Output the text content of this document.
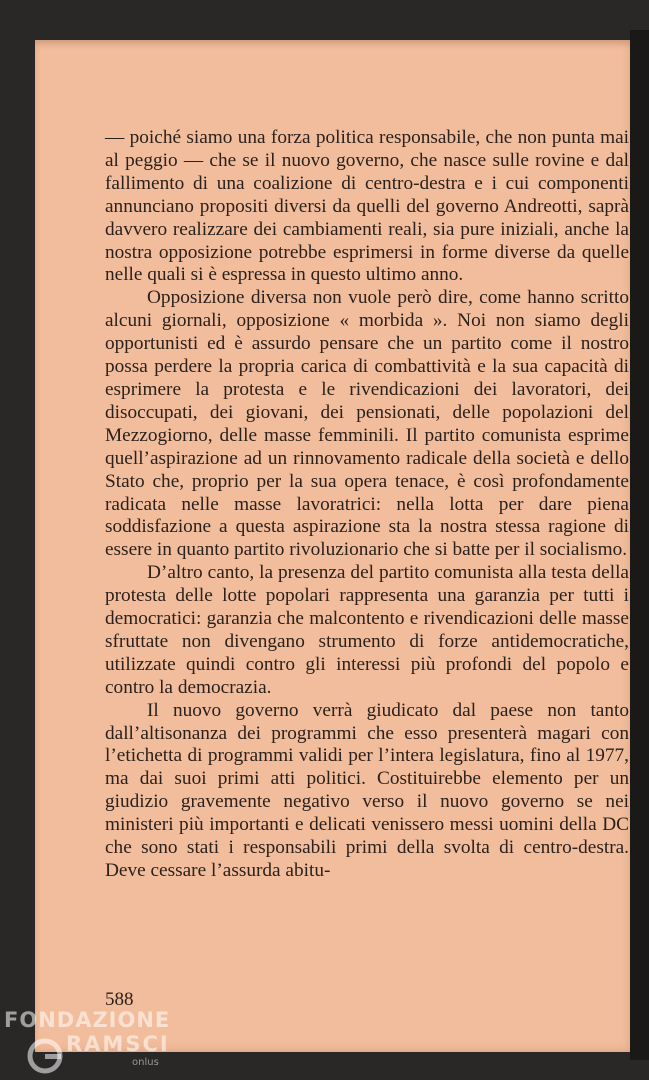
— poiché siamo una forza politica responsabile, che non punta mai al peggio — che se il nuovo governo, che nasce sulle rovine e dal fallimento di una coalizione di centro-destra e i cui componenti annunciano propositi diversi da quelli del governo Andreotti, saprà davvero realizzare dei cambiamenti reali, sia pure iniziali, anche la nostra opposizione potrebbe esprimersi in forme diverse da quelle nelle quali si è espressa in questo ultimo anno.

Opposizione diversa non vuole però dire, come hanno scritto alcuni giornali, opposizione « morbida ». Noi non siamo degli opportunisti ed è assurdo pensare che un partito come il nostro possa perdere la propria carica di combattività e la sua capacità di esprimere la protesta e le rivendicazioni dei lavoratori, dei disoccupati, dei giovani, dei pensionati, delle popolazioni del Mezzogiorno, delle masse femminili. Il partito comunista esprime quell’aspirazione ad un rinnovamento radicale della società e dello Stato che, proprio per la sua opera tenace, è così profondamente radicata nelle masse lavoratrici: nella lotta per dare piena soddisfazione a questa aspirazione sta la nostra stessa ragione di essere in quanto partito rivoluzionario che si batte per il socialismo.

D’altro canto, la presenza del partito comunista alla testa della protesta delle lotte popolari rappresenta una garanzia per tutti i democratici: garanzia che malcontento e rivendicazioni delle masse sfruttate non divengano strumento di forze antidemocratiche, utilizzate quindi contro gli interessi più profondi del popolo e contro la democrazia.

Il nuovo governo verrà giudicato dal paese non tanto dall’altisonanza dei programmi che esso presenterà magari con l’etichetta di programmi validi per l’intera legislatura, fino al 1977, ma dai suoi primi atti politici. Costituirebbe elemento per un giudizio gravemente negativo verso il nuovo governo se nei ministeri più importanti e delicati venissero messi uomini della DC che sono stati i responsabili primi della svolta di centro-destra. Deve cessare l’assurda abitu-

588
FONDAZIONE
RAMSCI
onlus
